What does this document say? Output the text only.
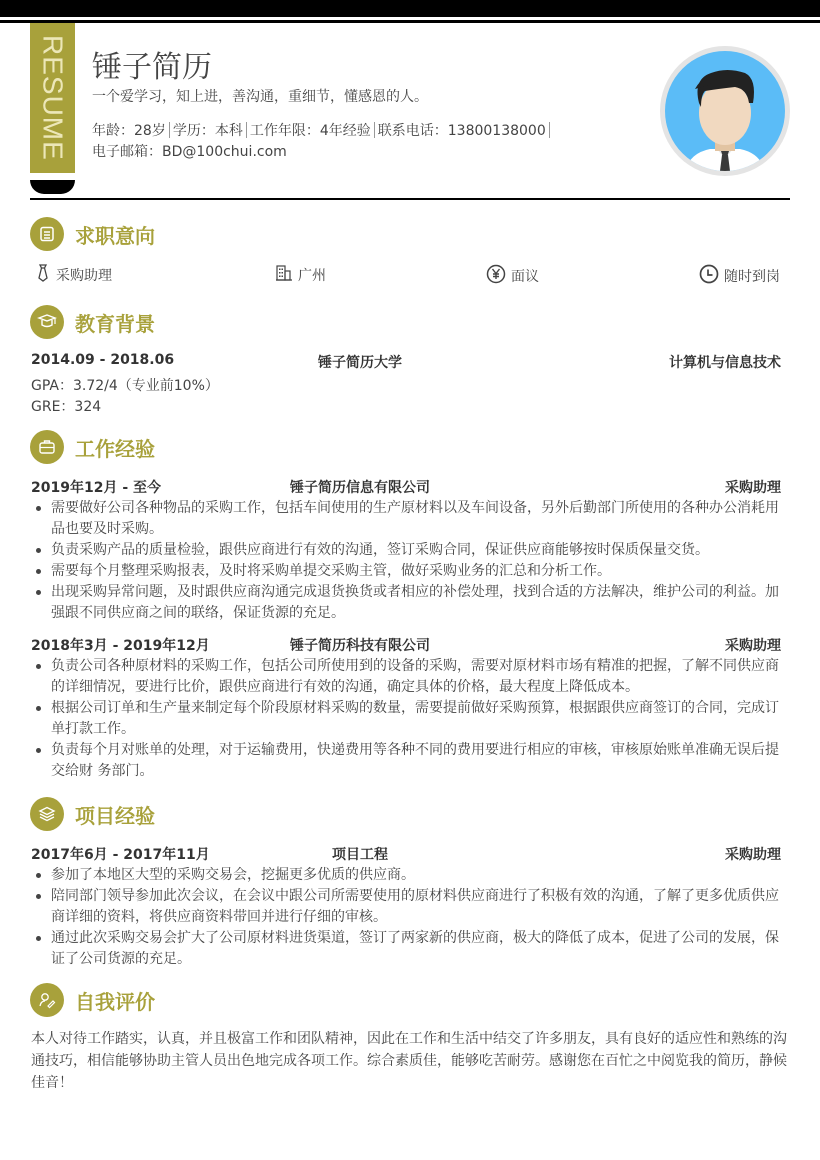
RESUME 锤子简历
一个爱学习，知上进，善沟通，重细节，懂感恩的人。
年龄：28岁 学历：本科 工作年限：4年经验 联系电话：13800138000
电子邮箱：BD@100chui.com
求职意向
采购助理	广州	面议	随时到岗
教育背景
2014.09 - 2018.06	锤子简历大学	计算机与信息技术
GPA：3.72/4（专业前10%）
GRE：324
工作经验
2019年12月 - 至今	锤子简历信息有限公司	采购助理
需要做好公司各种物品的采购工作，包括车间使用的生产原材料以及车间设备，另外后勤部门所使用的各种办公消耗用品也要及时采购。
负责采购产品的质量检验，跟供应商进行有效的沟通，签订采购合同，保证供应商能够按时保质保量交货。
需要每个月整理采购报表，及时将采购单提交采购主管，做好采购业务的汇总和分析工作。
出现采购异常问题，及时跟供应商沟通完成退货换货或者相应的补偿处理，找到合适的方法解决，维护公司的利益。加强跟不同供应商之间的联络，保证货源的充足。
2018年3月 - 2019年12月	锤子简历科技有限公司	采购助理
负责公司各种原材料的采购工作，包括公司所使用到的设备的采购，需要对原材料市场有精准的把握，了解不同供应商的详细情况，要进行比价，跟供应商进行有效的沟通，确定具体的价格，最大程度上降低成本。
根据公司订单和生产量来制定每个阶段原材料采购的数量，需要提前做好采购预算，根据跟供应商签订的合同，完成订单打款工作。
负责每个月对账单的处理，对于运输费用，快递费用等各种不同的费用要进行相应的审核，审核原始账单准确无误后提交给财 务部门。
项目经验
2017年6月 - 2017年11月	项目工程	采购助理
参加了本地区大型的采购交易会，挖掘更多优质的供应商。
陪同部门领导参加此次会议，在会议中跟公司所需要使用的原材料供应商进行了积极有效的沟通，了解了更多优质供应商详细的资料，将供应商资料带回并进行仔细的审核。
通过此次采购交易会扩大了公司原材料进货渠道，签订了两家新的供应商，极大的降低了成本，促进了公司的发展，保证了公司货源的充足。
自我评价

本人对待工作踏实，认真，并且极富工作和团队精神，因此在工作和生活中结交了许多朋友，具有良好的适应性和熟练的沟通技巧，相信能够协助主管人员出色地完成各项工作。综合素质佳，能够吃苦耐劳。感谢您在百忙之中阅览我的简历，静候佳音！
